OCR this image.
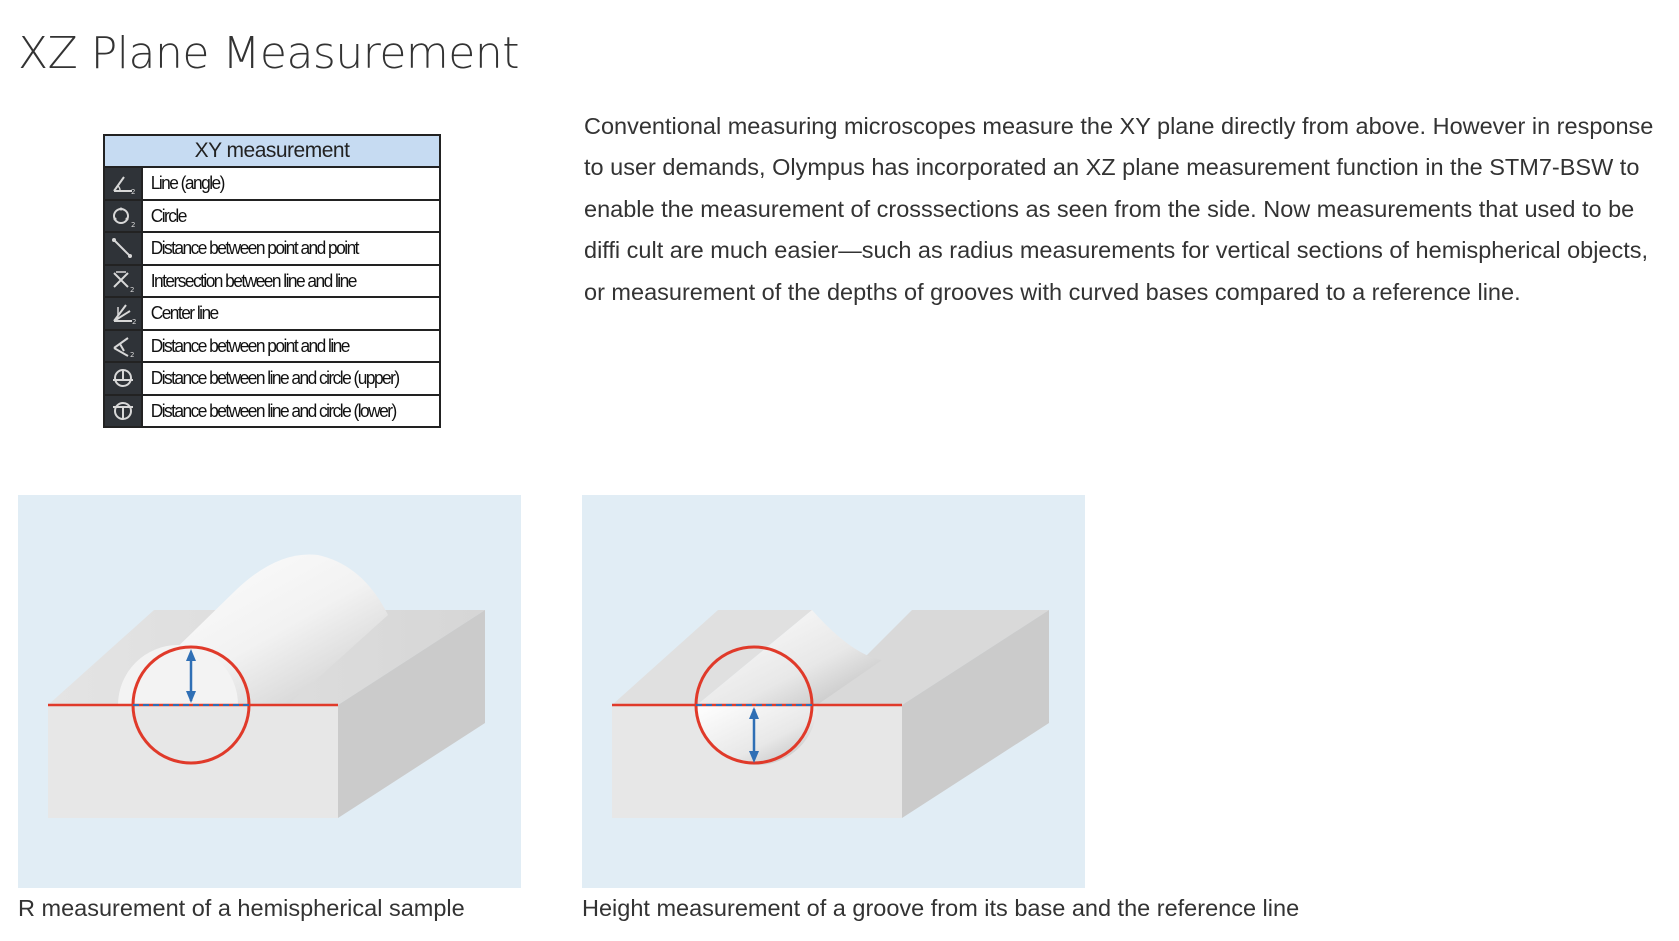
XZ Plane Measurement
XY measurement
2 Line (angle)
2 Circle
Distance between point and point
2 Intersection between line and line
2 Center line
2 Distance between point and line
Distance between line and circle (upper)
Distance between line and circle (lower)

Conventional measuring microscopes measure the XY plane directly from above. However in response to user demands, Olympus has incorporated an XZ plane measurement function in the STM7-BSW to enable the measurement of crosssections as seen from the side. Now measurements that used to be diffi cult are much easier—such as radius measurements for vertical sections of hemispherical objects, or measurement of the depths of grooves with curved bases compared to a reference line.

R measurement of a hemispherical sample	Height measurement of a groove from its base and the reference line
